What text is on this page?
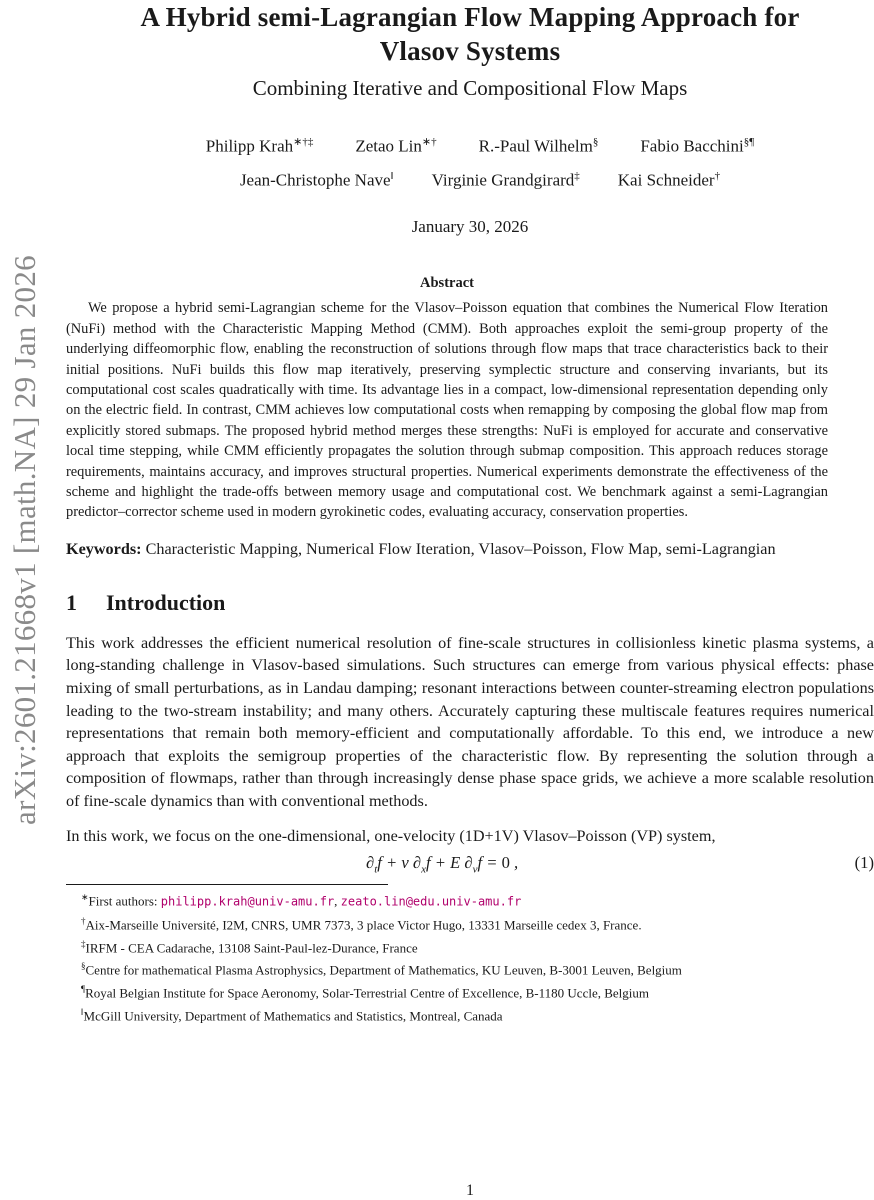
arXiv:2601.21668v1 [math.NA] 29 Jan 2026
A Hybrid semi-Lagrangian Flow Mapping Approach for
Vlasov Systems
Combining Iterative and Compositional Flow Maps
Philipp Krah∗†‡ Zetao Lin∗† R.-Paul Wilhelm§ Fabio Bacchini§¶
Jean-Christophe Nave‖ Virginie Grandgirard‡ Kai Schneider†
January 30, 2026
Abstract

We propose a hybrid semi-Lagrangian scheme for the Vlasov–Poisson equation that combines the Numerical Flow Iteration (NuFi) method with the Characteristic Mapping Method (CMM). Both approaches exploit the semi-group property of the underlying diffeomorphic flow, enabling the reconstruction of solutions through flow maps that trace characteristics back to their initial positions. NuFi builds this flow map iteratively, preserving symplectic structure and conserving invariants, but its computational cost scales quadratically with time. Its advantage lies in a compact, low-dimensional representation depending only on the electric field. In contrast, CMM achieves low computational costs when remapping by composing the global flow map from explicitly stored submaps. The proposed hybrid method merges these strengths: NuFi is employed for accurate and conservative local time stepping, while CMM efficiently propagates the solution through submap composition. This approach reduces storage requirements, maintains accuracy, and improves structural properties. Numerical experiments demonstrate the effectiveness of the scheme and highlight the trade-offs between memory usage and computational cost. We benchmark against a semi-Lagrangian predictor–corrector scheme used in modern gyrokinetic codes, evaluating accuracy, conservation properties.

Keywords: Characteristic Mapping, Numerical Flow Iteration, Vlasov–Poisson, Flow Map, semi-Lagrangian
1 Introduction

This work addresses the efficient numerical resolution of fine-scale structures in collisionless kinetic plasma systems, a long-standing challenge in Vlasov-based simulations. Such structures can emerge from various physical effects: phase mixing of small perturbations, as in Landau damping; resonant interactions between counter-streaming electron populations leading to the two-stream instability; and many others. Accurately capturing these multiscale features requires numerical representations that remain both memory-efficient and computationally affordable. To this end, we introduce a new approach that exploits the semigroup properties of the characteristic flow. By representing the solution through a composition of flowmaps, rather than through increasingly dense phase space grids, we achieve a more scalable resolution of fine-scale dynamics than with conventional methods.

In this work, we focus on the one-dimensional, one-velocity (1D+1V) Vlasov–Poisson (VP) system,

$\partial_tf + v$ $\partial_xf + E$ $\partial_vf = 0$ ,	(1)
∗First authors: philipp.krah@univ-amu.fr, zeato.lin@edu.univ-amu.fr
†Aix-Marseille Université, I2M, CNRS, UMR 7373, 3 place Victor Hugo, 13331 Marseille cedex 3, France.
‡IRFM - CEA Cadarache, 13108 Saint-Paul-lez-Durance, France
§Centre for mathematical Plasma Astrophysics, Department of Mathematics, KU Leuven, B-3001 Leuven, Belgium
¶Royal Belgian Institute for Space Aeronomy, Solar-Terrestrial Centre of Excellence, B-1180 Uccle, Belgium
‖McGill University, Department of Mathematics and Statistics, Montreal, Canada
1
